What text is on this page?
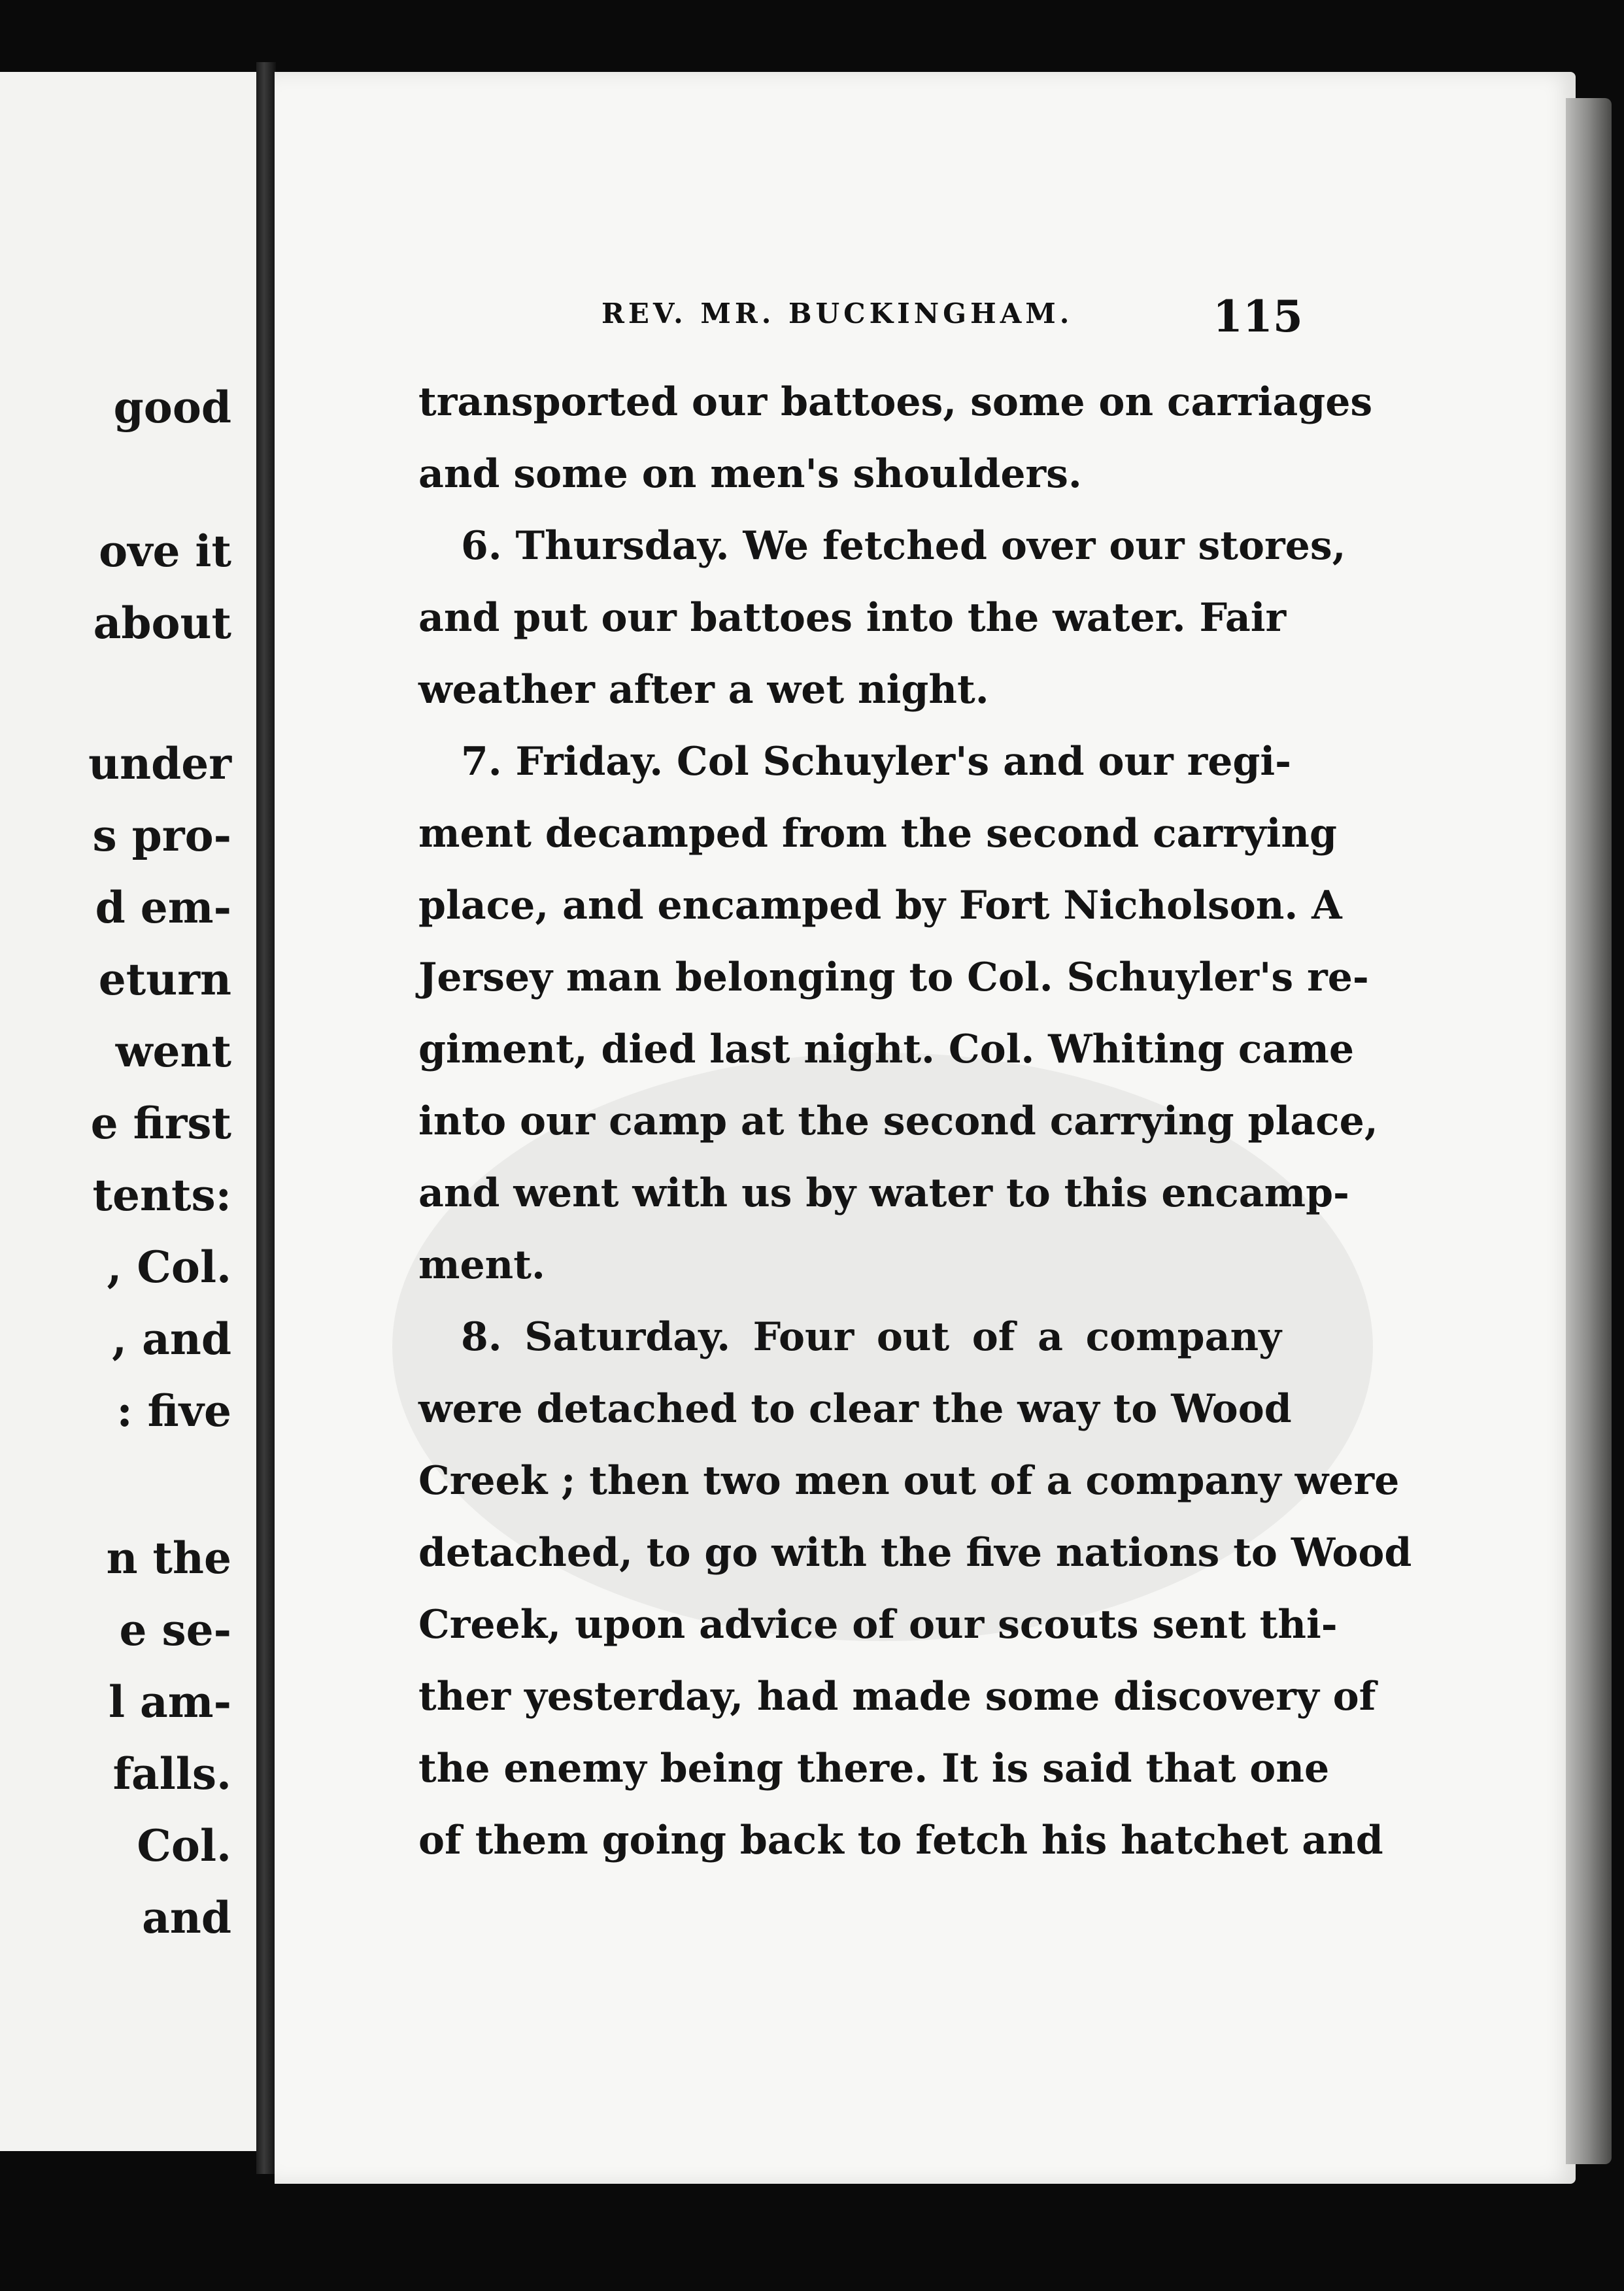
good
ove it
about
under
s pro-
d em-
eturn
went
e first
tents:
, Col.
, and
: five
n the
e se-
l am-
falls.
Col.
and
REV. MR. BUCKINGHAM.	115
transported our battoes, some on carriages
and some on men's shoulders.
6. Thursday. We fetched over our stores,
and put our battoes into the water. Fair
weather after a wet night.
7. Friday. Col Schuyler's and our regi-
ment decamped from the second carrying
place, and encamped by Fort Nicholson. A
Jersey man belonging to Col. Schuyler's re-
giment, died last night. Col. Whiting came
into our camp at the second carrying place,
and went with us by water to this encamp-
ment.
8. Saturday. Four out of a company
were detached to clear the way to Wood
Creek ; then two men out of a company were
detached, to go with the five nations to Wood
Creek, upon advice of our scouts sent thi-
ther yesterday, had made some discovery of
the enemy being there. It is said that one
of them going back to fetch his hatchet and
